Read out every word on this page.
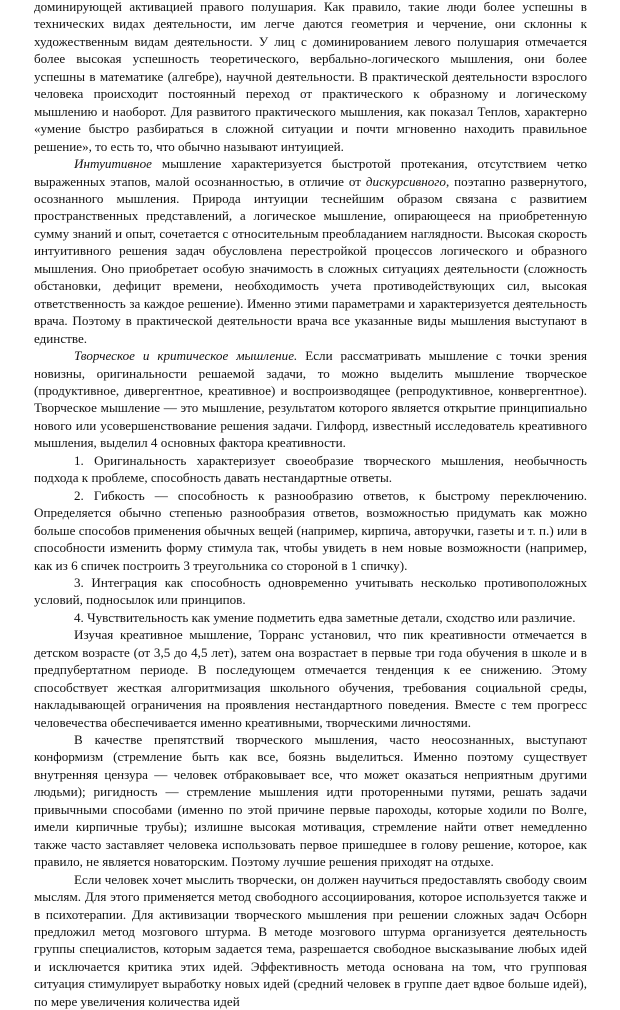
доминирующей активацией правого полушария. Как правило, такие люди более успешны в технических видах деятельности, им легче даются геометрия и черчение, они склонны к художественным видам деятельности. У лиц с доминированием левого полушария отмечается более высокая успешность теоретического, вербально-логического мышления, они более успешны в математике (алгебре), научной деятельности. В практической деятельности взрослого человека происходит постоянный переход от практического к образному и логическому мышлению и наоборот. Для развитого практического мышления, как показал Теплов, характерно «умение быстро разбираться в сложной ситуации и почти мгновенно находить правильное решение», то есть то, что обычно называют интуицией.

Интуитивное мышление характеризуется быстротой протекания, отсутствием четко выраженных этапов, малой осознанностью, в отличие от дискурсивного, поэтапно развернутого, осознанного мышления. Природа интуиции теснейшим образом связана с развитием пространственных представлений, а логическое мышление, опирающееся на приобретенную сумму знаний и опыт, сочетается с относительным преобладанием наглядности. Высокая скорость интуитивного решения задач обусловлена перестройкой процессов логического и образного мышления. Оно приобретает особую значимость в сложных ситуациях деятельности (сложность обстановки, дефицит времени, необходимость учета противодействующих сил, высокая ответственность за каждое решение). Именно этими параметрами и характеризуется деятельность врача. Поэтому в практической деятельности врача все указанные виды мышления выступают в единстве.

Творческое и критическое мышление. Если рассматривать мышление с точки зрения новизны, оригинальности решаемой задачи, то можно выделить мышление творческое (продуктивное, дивергентное, креативное) и воспроизводящее (репродуктивное, конвергентное). Творческое мышление — это мышление, результатом которого является открытие принципиально нового или усовершенствование решения задачи. Гилфорд, известный исследователь креативного мышления, выделил 4 основных фактора креативности.

1. Оригинальность характеризует своеобразие творческого мышления, необычность подхода к проблеме, способность давать нестандартные ответы.

2. Гибкость — способность к разнообразию ответов, к быстрому переключению. Определяется обычно степенью разнообразия ответов, возможностью придумать как можно больше способов применения обычных вещей (например, кирпича, авторучки, газеты и т. п.) или в способности изменить форму стимула так, чтобы увидеть в нем новые возможности (например, как из 6 спичек построить 3 треугольника со стороной в 1 спичку).

3. Интеграция как способность одновременно учитывать несколько противоположных условий, подносылок или принципов.

4. Чувствительность как умение подметить едва заметные детали, сходство или различие.

Изучая креативное мышление, Торранс установил, что пик креативности отмечается в детском возрасте (от 3,5 до 4,5 лет), затем она возрастает в первые три года обучения в школе и в предпубертатном периоде. В последующем отмечается тенденция к ее снижению. Этому способствует жесткая алгоритмизация школьного обучения, требования социальной среды, накладывающей ограничения на проявления нестандартного поведения. Вместе с тем прогресс человечества обеспечивается именно креативными, творческими личностями.

В качестве препятствий творческого мышления, часто неосознанных, выступают конформизм (стремление быть как все, боязнь выделиться. Именно поэтому существует внутренняя цензура — человек отбраковывает все, что может оказаться неприятным другими людьми); ригидность — стремление мышления идти проторенными путями, решать задачи привычными способами (именно по этой причине первые пароходы, которые ходили по Волге, имели кирпичные трубы); излишне высокая мотивация, стремление найти ответ немедленно также часто заставляет человека использовать первое пришедшее в голову решение, которое, как правило, не является новаторским. Поэтому лучшие решения приходят на отдыхе.

Если человек хочет мыслить творчески, он должен научиться предоставлять свободу своим мыслям. Для этого применяется метод свободного ассоциирования, которое используется также и в психотерапии. Для активизации творческого мышления при решении сложных задач Осборн предложил метод мозгового штурма. В методе мозгового штурма организуется деятельность группы специалистов, которым задается тема, разрешается свободное высказывание любых идей и исключается критика этих идей. Эффективность метода основана на том, что групповая ситуация стимулирует выработку новых идей (средний человек в группе дает вдвое больше идей), по мере увеличения количества идей
